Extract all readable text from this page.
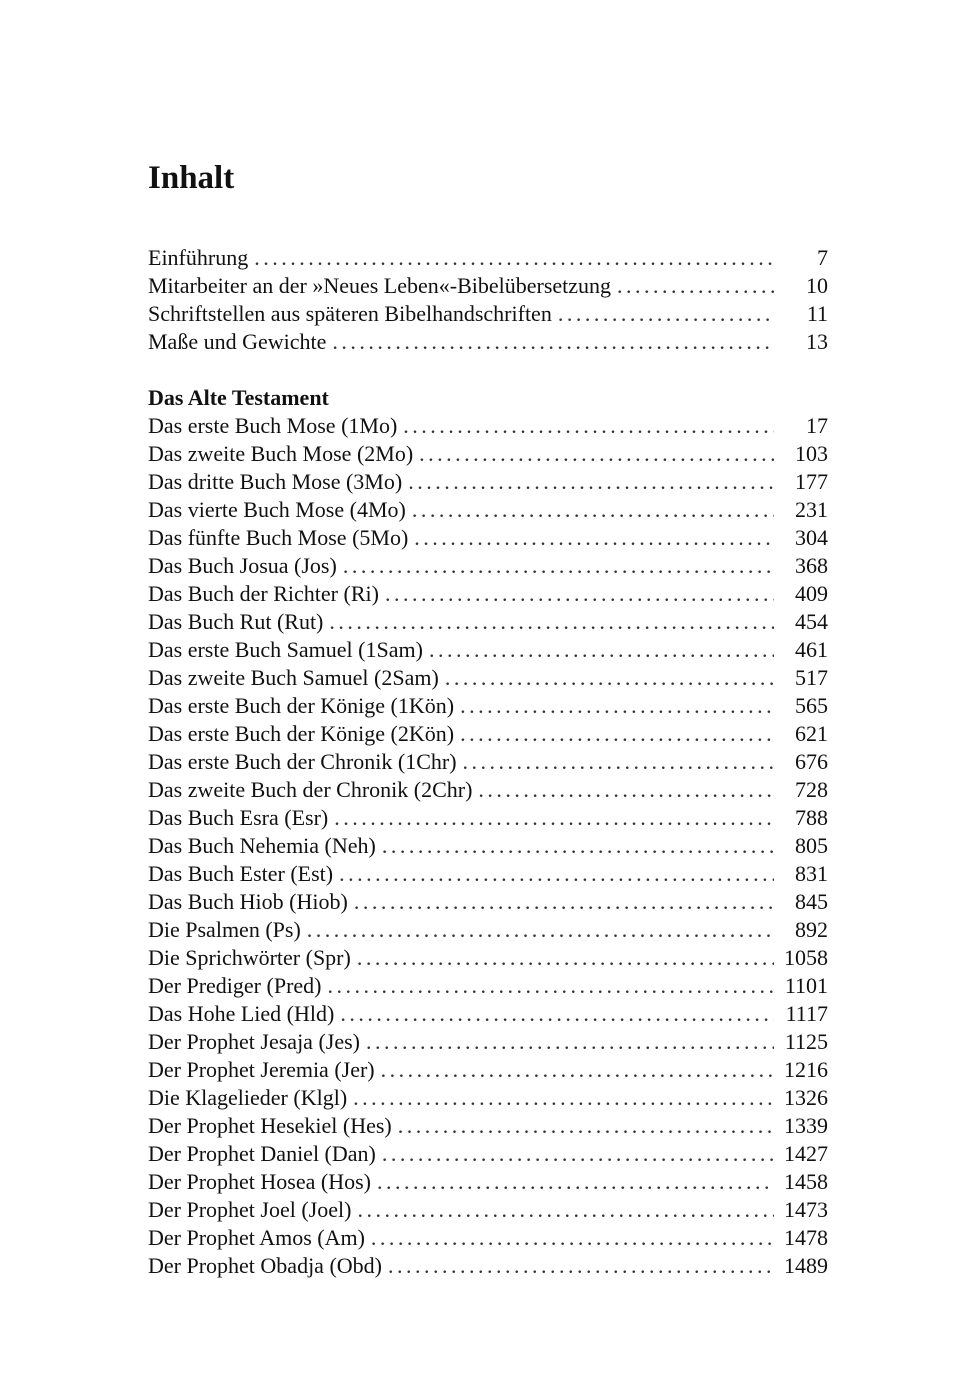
Inhalt
Einführung . . .	7
Mitarbeiter an der »Neues Leben«-Bibelübersetzung . . .	10
Schriftstellen aus späteren Bibelhandschriften . . .	11
Maße und Gewichte . . .	13
Das Alte Testament
Das erste Buch Mose (1Mo) . . .	17
Das zweite Buch Mose (2Mo) . . .	103
Das dritte Buch Mose (3Mo) . . .	177
Das vierte Buch Mose (4Mo) . . .	231
Das fünfte Buch Mose (5Mo) . . .	304
Das Buch Josua (Jos) . . .	368
Das Buch der Richter (Ri) . . .	409
Das Buch Rut (Rut) . . .	454
Das erste Buch Samuel (1Sam) . . .	461
Das zweite Buch Samuel (2Sam) . . .	517
Das erste Buch der Könige (1Kön) . . .	565
Das erste Buch der Könige (2Kön) . . .	621
Das erste Buch der Chronik (1Chr) . . .	676
Das zweite Buch der Chronik (2Chr) . . .	728
Das Buch Esra (Esr) . . .	788
Das Buch Nehemia (Neh) . . .	805
Das Buch Ester (Est) . . .	831
Das Buch Hiob (Hiob) . . .	845
Die Psalmen (Ps) . . .	892
Die Sprichwörter (Spr) . . .	1058
Der Prediger (Pred) . . .	1101
Das Hohe Lied (Hld) . . .	1117
Der Prophet Jesaja (Jes) . . .	1125
Der Prophet Jeremia (Jer) . . .	1216
Die Klagelieder (Klgl) . . .	1326
Der Prophet Hesekiel (Hes) . . .	1339
Der Prophet Daniel (Dan) . . .	1427
Der Prophet Hosea (Hos) . . .	1458
Der Prophet Joel (Joel) . . .	1473
Der Prophet Amos (Am) . . .	1478
Der Prophet Obadja (Obd) . . .	1489
